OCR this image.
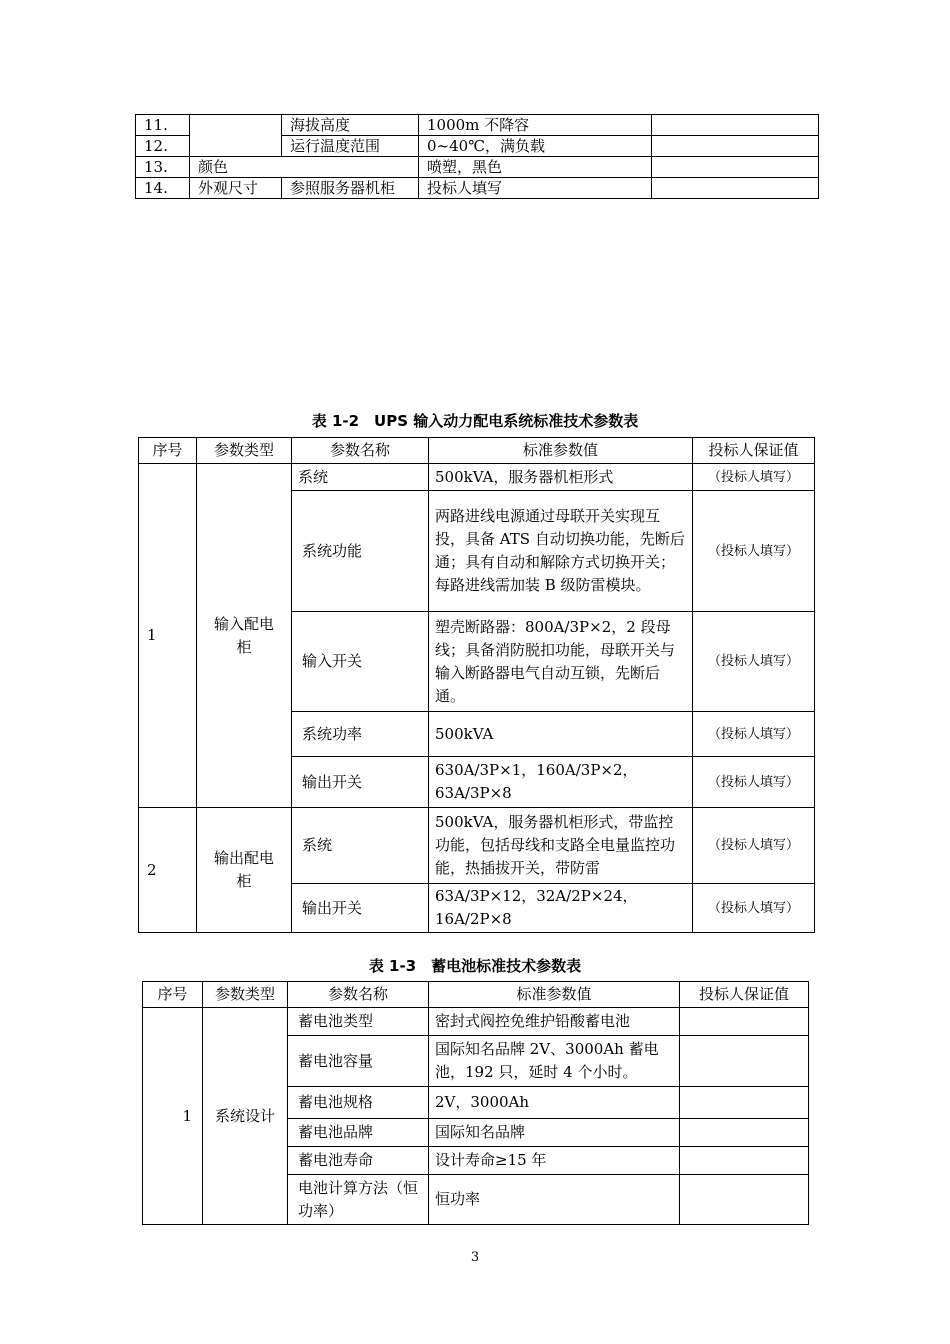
11.		海拔高度	1000m 不降容	
12.		运行温度范围	0~40℃，满负载	
13.	颜色		喷塑，黑色	
14.	外观尺寸	参照服务器机柜	投标人填写	
表 1-2　UPS 输入动力配电系统标准技术参数表
序号	参数类型	参数名称	标准参数值	投标人保证值
1	输入配电柜	系统	500kVA，服务器机柜形式	（投标人填写）
		系统功能	两路进线电源通过母联开关实现互投，具备 ATS 自动切换功能，先断后通；具有自动和解除方式切换开关；每路进线需加装 B 级防雷模块。	（投标人填写）
		输入开关	塑壳断路器：800A/3P×2，2 段母线；具备消防脱扣功能，母联开关与输入断路器电气自动互锁，先断后通。	（投标人填写）
		系统功率	500kVA	（投标人填写）
		输出开关	630A/3P×1，160A/3P×2，63A/3P×8	（投标人填写）
2	输出配电柜	系统	500kVA，服务器机柜形式，带监控功能，包括母线和支路全电量监控功能，热插拔开关，带防雷	（投标人填写）
		输出开关	63A/3P×12，32A/2P×24，16A/2P×8	（投标人填写）
表 1-3　蓄电池标准技术参数表
序号	参数类型	参数名称	标准参数值	投标人保证值
1	系统设计	蓄电池类型	密封式阀控免维护铅酸蓄电池	
		蓄电池容量	国际知名品牌 2V、3000Ah 蓄电池，192 只，延时 4 个小时。	
		蓄电池规格	2V，3000Ah	
		蓄电池品牌	国际知名品牌	
		蓄电池寿命	设计寿命≥15 年	
		电池计算方法（恒功率）	恒功率	
3
